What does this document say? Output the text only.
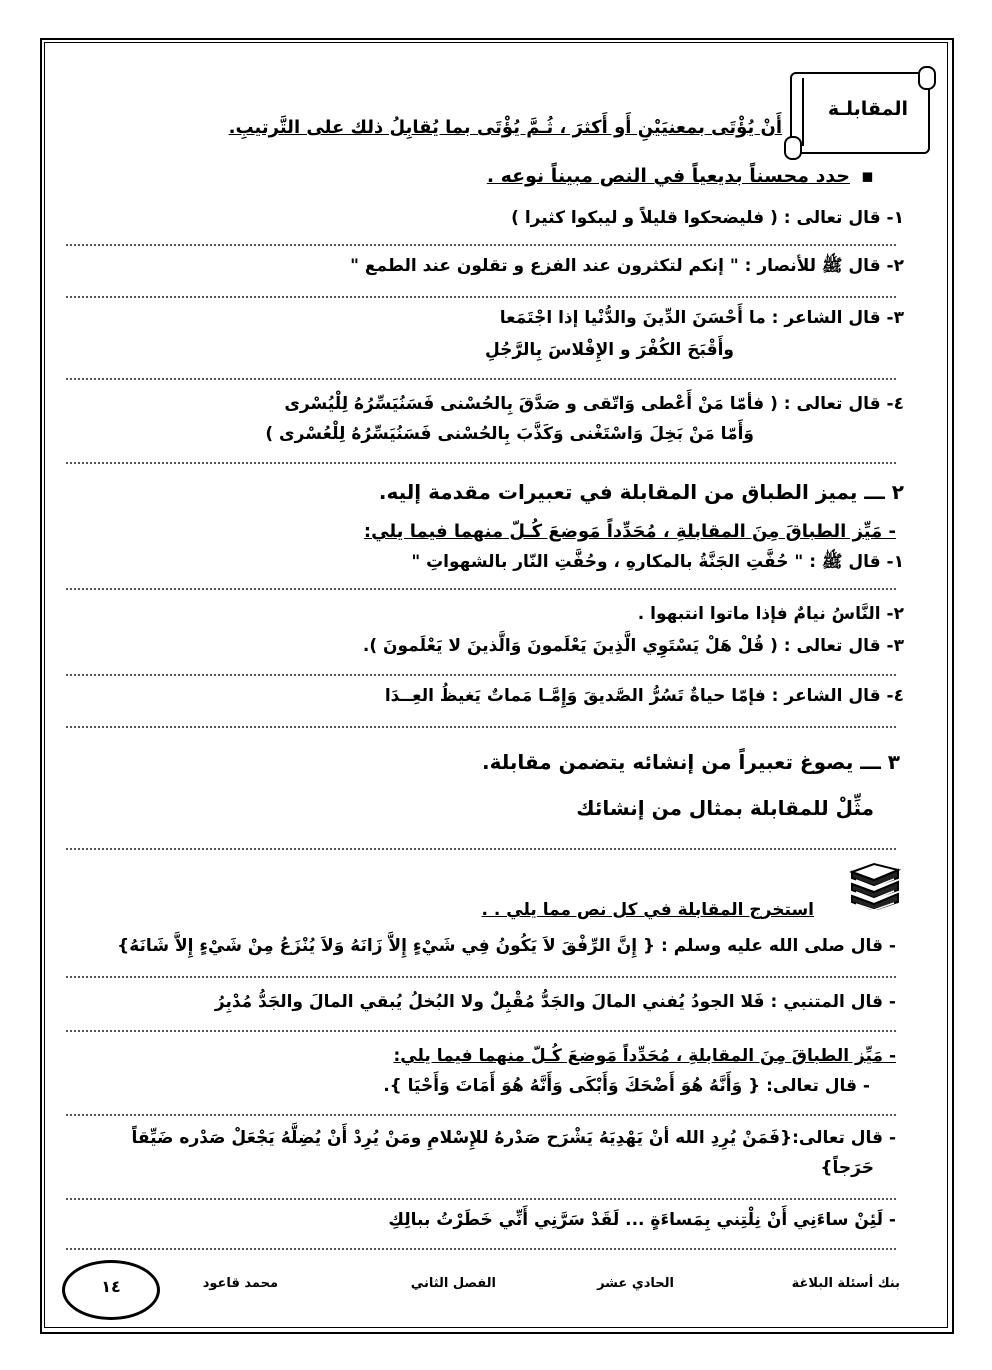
المقابلـة
أَنْ يُؤْتَى بمعنيَيْنِ أَو أَكثرَ ، ثُـمَّ يُؤْتَى بما يُقابِلُ ذلك على التَّرتيبِ.
▪
حدد محسناً بديعياً في النص مبيناً نوعه .
١- قال تعالى : ( فليضحكوا قليلاً و ليبكوا كثيرا )
٢- قال ﷺ للأنصار : " إنكم لتكثرون عند الفزع و تقلون عند الطمع "
٣- قال الشاعر : ما أَحْسَنَ الدِّينَ والدُّنْيا إذا اجْتَمَعا
وأَقْبَحَ الكُفْرَ و الإِفْلاسَ بِالرَّجُلِ
٤- قال تعالى : ( فأمّا مَنْ أَعْطى وَاتّقى و صَدَّقَ بِالحُسْنى فَسَنُيَسِّرُهُ لِلْيُسْرى
وَأَمّا مَنْ بَخِلَ وَاسْتَغْنى وَكَذَّبَ بِالحُسْنى فَسَنُيَسِّرُهُ لِلْعُسْرى )
٢ ـــ يميز الطباق من المقابلة في تعبيرات مقدمة إليه.
- مَيِّز الطباقَ مِنَ المقابلةِ ، مُحَدِّداً مَوضعَ كُـلّ منهما فيما يلي:
١- قال ﷺ : " حُفَّتِ الجَنَّةُ بالمكارهِ ، وحُفَّتِ النّار بالشهواتِ "
٢- النَّاسُ نيامٌ فإذا ماتوا انتبهوا .
٣- قال تعالى : ( قُلْ هَلْ يَسْتَوِي الَّذِينَ يَعْلَمونَ وَالَّذينَ لا يَعْلَمونَ ).
٤- قال الشاعر : فإمّا حياةٌ تَسُرُّ الصَّديقَ وَإِمَّـا مَماتٌ يَغيظُ العِــدَا
٣ ـــ يصوغ تعبيراً من إنشائه يتضمن مقابلة.
مثِّلْ للمقابلة بمثال من إنشائك
استخرج المقابلة في كل نص مما يلي . .
- قال صلى الله عليه وسلم : { إِنَّ الرِّفْقَ لاَ يَكُونُ فِي شَيْءٍ إِلاَّ زَانَهُ وَلاَ يُنْزَعُ مِنْ شَيْءٍ إِلاَّ شَانَهُ}
- قال المتنبي : فَلا الجودُ يُفني المالَ والجَدُّ مُقْبِلٌ ولا البُخلُ يُبقي المالَ والجَدُّ مُدْبِرُ
- مَيِّز الطباقَ مِنَ المقابلةِ ، مُحَدِّداً مَوضعَ كُـلّ منهما فيما يلي:
- قال تعالى: { وَأَنَّهُ هُوَ أَضْحَكَ وَأَبْكَى وَأَنَّهُ هُوَ أَمَاتَ وَأَحْيَا }.
- قال تعالى:{فَمَنْ يُرِدِ الله أنْ يَهْدِيَهُ يَشْرَح صَدْرهُ للإِسْلامِ ومَنْ يُرِدْ أَنْ يُضِلَّهُ يَجْعَلْ صَدْره ضَيِّقاً
حَرَجاً}
- لَئِنْ ساءَنِي أَنْ نِلْتِني بِمَساءَةٍ ... لَقَدْ سَرَّنِي أَنِّي خَطَرْتُ ببالِكِ
بنك أسئلة البلاغة
الحادي عشر
الفصل الثاني
محمد قاعود
١٤
